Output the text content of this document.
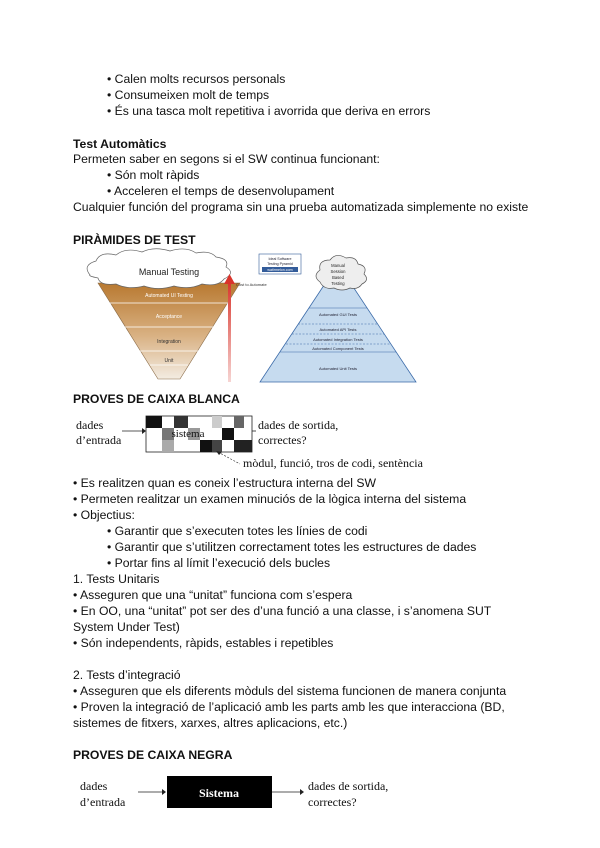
• Calen molts recursos personals
• Consumeixen molt de temps
• És una tasca molt repetitiva i avorrida que deriva en errors
Test Automàtics
Permeten saber en segons si el SW continua funcionant:
• Són molt ràpids
• Acceleren el temps de desenvolupament
Cualquier función del programa sin una prueba automatizada simplemente no existe
PIRÀMIDES DE TEST
Manual Testing
Automated UI Testing
Acceptance
Integration
Unit
Cost to Automate
Ideal Software
Testing Pyramid
watirmelon.com
Manual
Session
Based
Testing
Automated GUI Tests
Automated API Tests
Automated Integration Tests
Automated Component Tests
Automated Unit Tests
PROVES DE CAIXA BLANCA
dades
d’entrada	sistema
dades de sortida,
correctes?
mòdul, funció, tros de codi, sentència
• Es realitzen quan es coneix l’estructura interna del SW
• Permeten realitzar un examen minuciós de la lògica interna del sistema
• Objectius:
• Garantir que s’executen totes les línies de codi
• Garantir que s’utilitzen correctament totes les estructures de dades
• Portar fins al límit l’execució dels bucles
1. Tests Unitaris
• Asseguren que una “unitat” funciona com s’espera
• En OO, una “unitat” pot ser des d’una funció a una classe, i s’anomena SUT
System Under Test)
• Són independents, ràpids, estables i repetibles
2. Tests d’integració
• Asseguren que els diferents mòduls del sistema funcionen de manera conjunta
• Proven la integració de l’aplicació amb les parts amb les que interacciona (BD,
sistemes de fitxers, xarxes, altres aplicacions, etc.)
PROVES DE CAIXA NEGRA
dades
d’entrada
Sistema	dades de sortida,
correctes?
